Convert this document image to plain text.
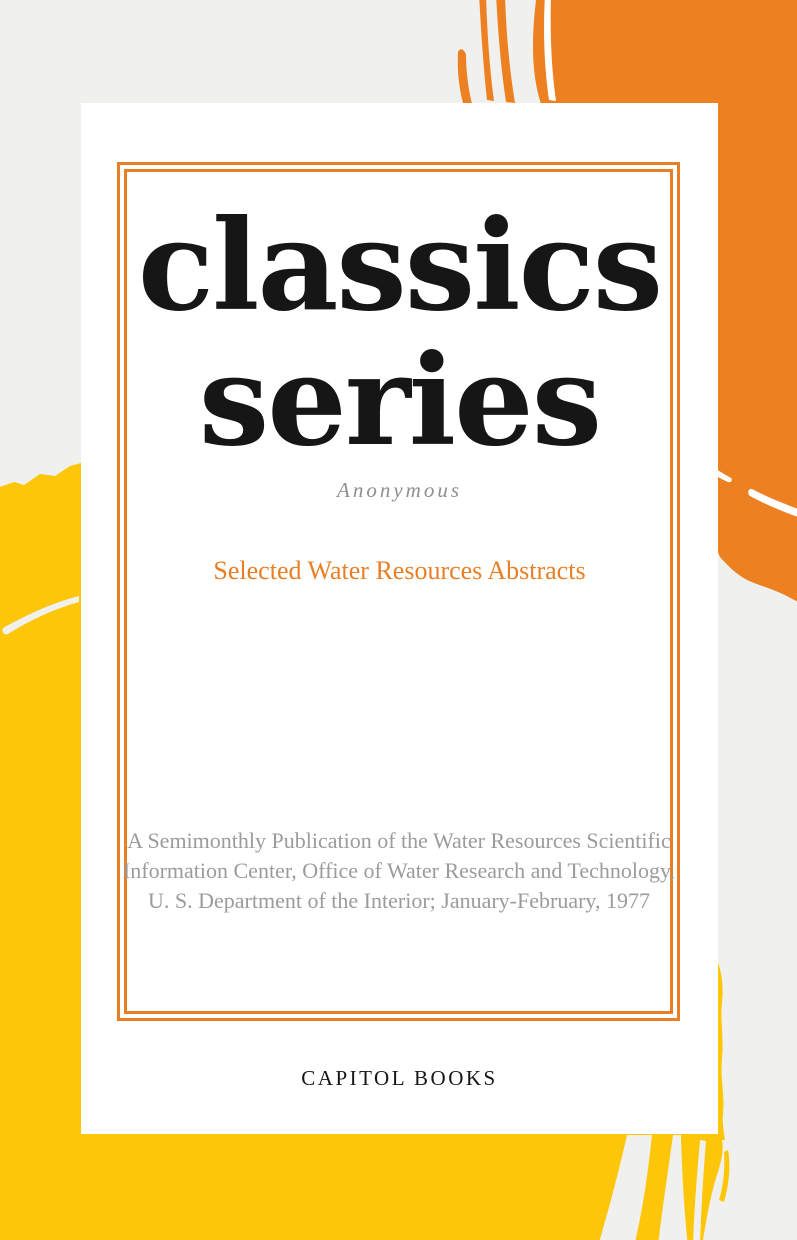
classics
series
Anonymous
Selected Water Resources Abstracts

A Semimonthly Publication of the Water Resources Scientific Information Center, Office of Water Research and Technology, U. S. Department of the Interior; January-February, 1977

CAPITOL BOOKS
